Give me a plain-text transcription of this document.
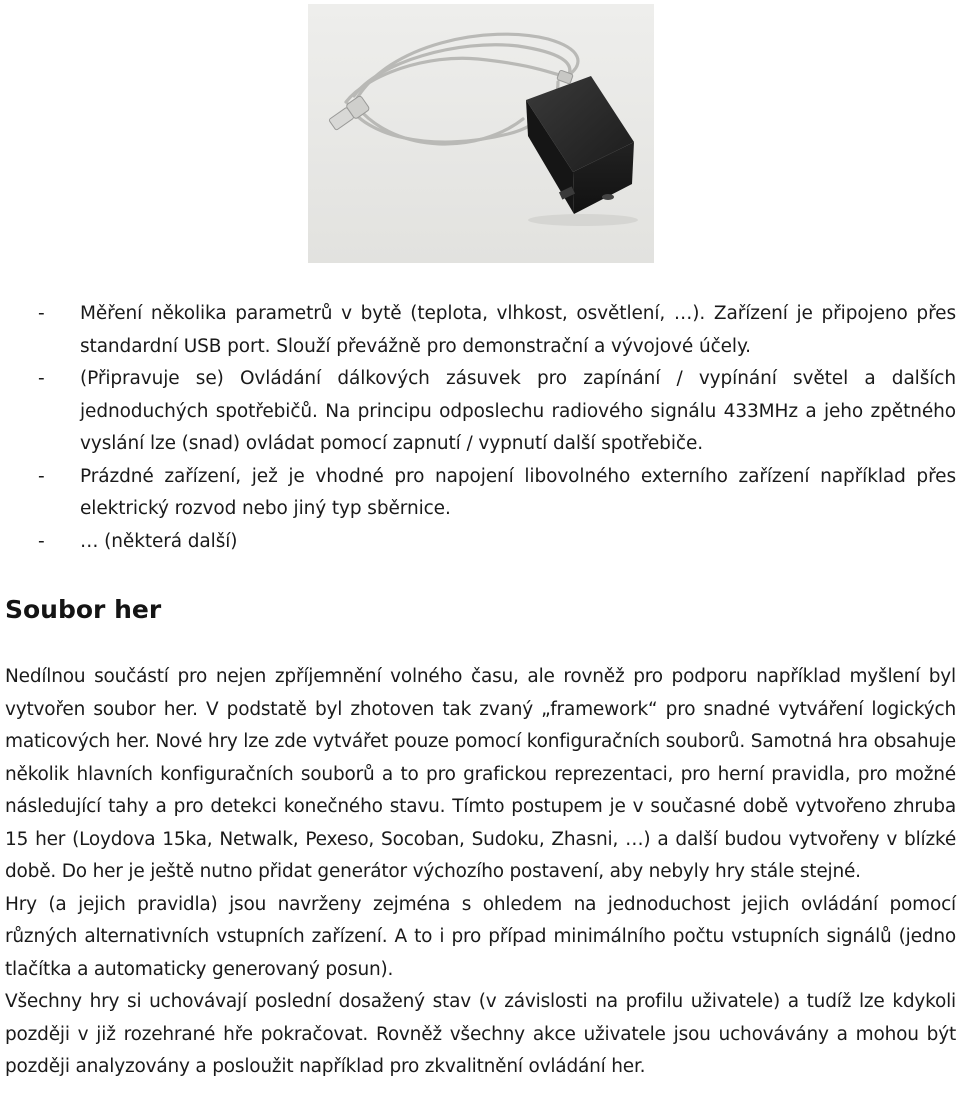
- Měření několika parametrů v bytě (teplota, vlhkost, osvětlení, …). Zařízení je připojeno přes standardní USB port. Slouží převážně pro demonstrační a vývojové účely.
- (Připravuje se) Ovládání dálkových zásuvek pro zapínání / vypínání světel a dalších jednoduchých spotřebičů. Na principu odposlechu radiového signálu 433MHz a jeho zpětného vyslání lze (snad) ovládat pomocí zapnutí / vypnutí další spotřebiče.
- Prázdné zařízení, jež je vhodné pro napojení libovolného externího zařízení například přes elektrický rozvod nebo jiný typ sběrnice.
- … (některá další)
Soubor her

Nedílnou součástí pro nejen zpříjemnění volného času, ale rovněž pro podporu například myšlení byl vytvořen soubor her. V podstatě byl zhotoven tak zvaný „framework“ pro snadné vytváření logických maticových her. Nové hry lze zde vytvářet pouze pomocí konfiguračních souborů. Samotná hra obsahuje několik hlavních konfiguračních souborů a to pro grafickou reprezentaci, pro herní pravidla, pro možné následující tahy a pro detekci konečného stavu. Tímto postupem je v současné době vytvořeno zhruba 15 her (Loydova 15ka, Netwalk, Pexeso, Socoban, Sudoku, Zhasni, …) a další budou vytvořeny v blízké době. Do her je ještě nutno přidat generátor výchozího postavení, aby nebyly hry stále stejné.

Hry (a jejich pravidla) jsou navrženy zejména s ohledem na jednoduchost jejich ovládání pomocí různých alternativních vstupních zařízení. A to i pro případ minimálního počtu vstupních signálů (jedno tlačítka a automaticky generovaný posun).

Všechny hry si uchovávají poslední dosažený stav (v závislosti na profilu uživatele) a tudíž lze kdykoli později v již rozehrané hře pokračovat. Rovněž všechny akce uživatele jsou uchovávány a mohou být později analyzovány a posloužit například pro zkvalitnění ovládání her.
